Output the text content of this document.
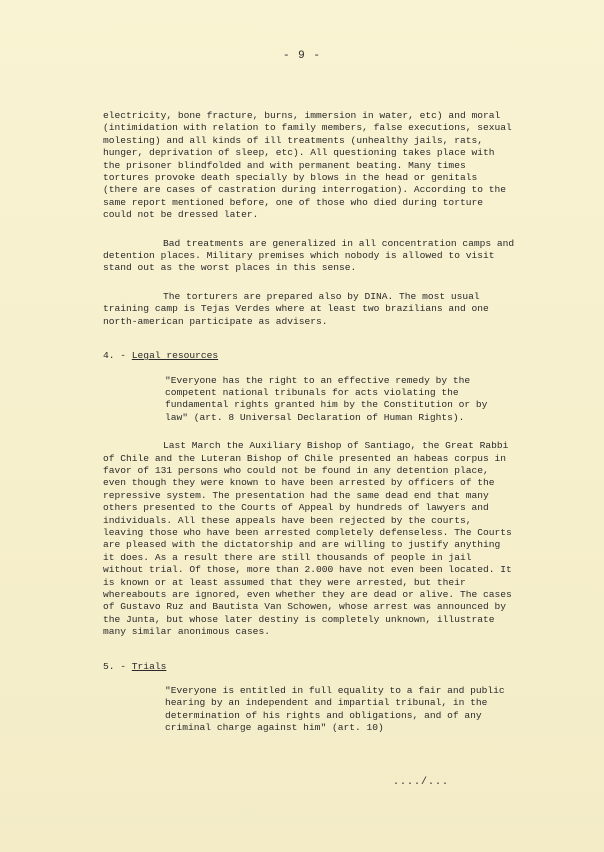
- 9 -

electricity, bone fracture, burns, immersion in water, etc) and moral (intimidation with relation to family members, false executions, sexual molesting) and all kinds of ill treatments (unhealthy jails, rats, hunger, deprivation of sleep, etc). All questioning takes place with the prisoner blindfolded and with permanent beating. Many times tortures provoke death specially by blows in the head or genitals (there are cases of castration during interrogation). According to the same report mentioned before, one of those who died during torture could not be dressed later.

Bad treatments are generalized in all concentration camps and detention places. Military premises which nobody is allowed to visit stand out as the worst places in this sense.

The torturers are prepared also by DINA. The most usual training camp is Tejas Verdes where at least two brazilians and one north-american participate as advisers.

4. - Legal resources

"Everyone has the right to an effective remedy by the competent national tribunals for acts violating the fundamental rights granted him by the Constitution or by law" (art. 8 Universal Declaration of Human Rights).

Last March the Auxiliary Bishop of Santiago, the Great Rabbi of Chile and the Luteran Bishop of Chile presented an habeas corpus in favor of 131 persons who could not be found in any detention place, even though they were known to have been arrested by officers of the repressive system. The presentation had the same dead end that many others presented to the Courts of Appeal by hundreds of lawyers and individuals. All these appeals have been rejected by the courts, leaving those who have been arrested completely defenseless. The Courts are pleased with the dictatorship and are willing to justify anything it does. As a result there are still thousands of people in jail without trial. Of those, more than 2.000 have not even been located. It is known or at least assumed that they were arrested, but their whereabouts are ignored, even whether they are dead or alive. The cases of Gustavo Ruz and Bautista Van Schowen, whose arrest was announced by the Junta, but whose later destiny is completely unknown, illustrate many similar anonimous cases.

5. - Trials

"Everyone is entitled in full equality to a fair and public hearing by an independent and impartial tribunal, in the determination of his rights and obligations, and of any criminal charge against him" (art. 10)

..../...
